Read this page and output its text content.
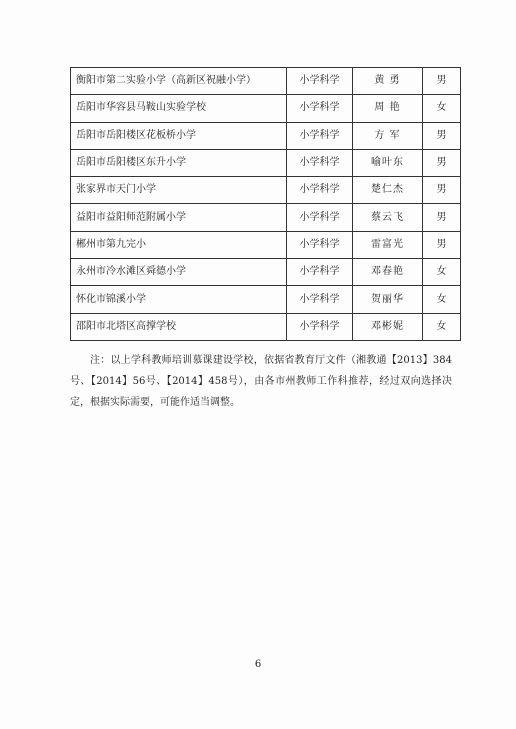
衡阳市第二实验小学（高新区祝融小学）	小学科学	黄 勇	男
岳阳市华容县马鞍山实验学校	小学科学	周 艳	女
岳阳市岳阳楼区花板桥小学	小学科学	方 军	男
岳阳市岳阳楼区东升小学	小学科学	喻叶东	男
张家界市天门小学	小学科学	楚仁杰	男
益阳市益阳师范附属小学	小学科学	蔡云飞	男
郴州市第九完小	小学科学	雷富光	男
永州市冷水滩区舜德小学	小学科学	邓春艳	女
怀化市锦溪小学	小学科学	贺丽华	女
邵阳市北塔区高撑学校	小学科学	邓彬妮	女

注：以上学科教师培训慕课建设学校，依据省教育厅文件（湘教通【2013】384号、【2014】56号、【2014】458号），由各市州教师工作科推荐，经过双向选择决定，根据实际需要，可能作适当调整。

6
